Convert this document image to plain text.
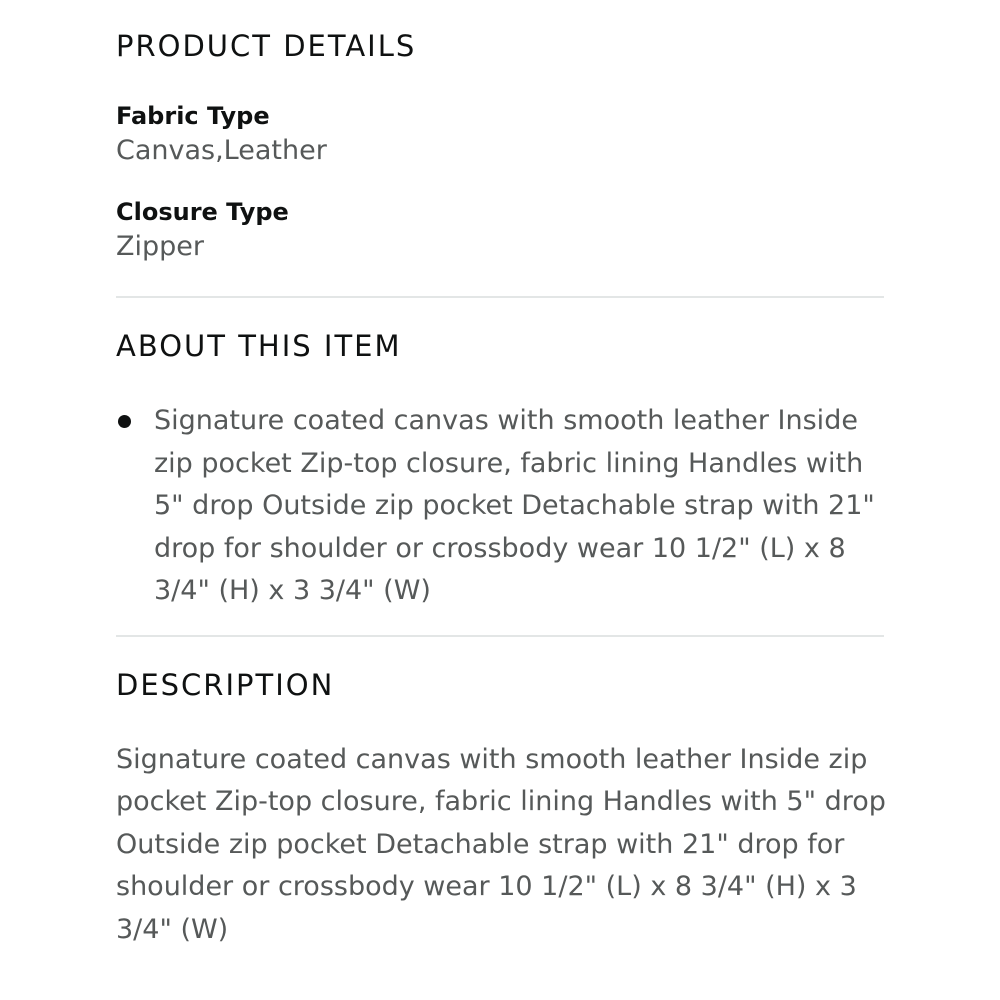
PRODUCT DETAILS
Fabric Type
Canvas,Leather
Closure Type
Zipper
ABOUT THIS ITEM
Signature coated canvas with smooth leather Inside zip pocket Zip-top closure, fabric lining Handles with 5" drop Outside zip pocket Detachable strap with 21" drop for shoulder or crossbody wear 10 1/2" (L) x 8 3/4" (H) x 3 3/4" (W)
DESCRIPTION
Signature coated canvas with smooth leather Inside zip pocket Zip-top closure, fabric lining Handles with 5" drop Outside zip pocket Detachable strap with 21" drop for shoulder or crossbody wear 10 1/2" (L) x 8 3/4" (H) x 3 3/4" (W)
